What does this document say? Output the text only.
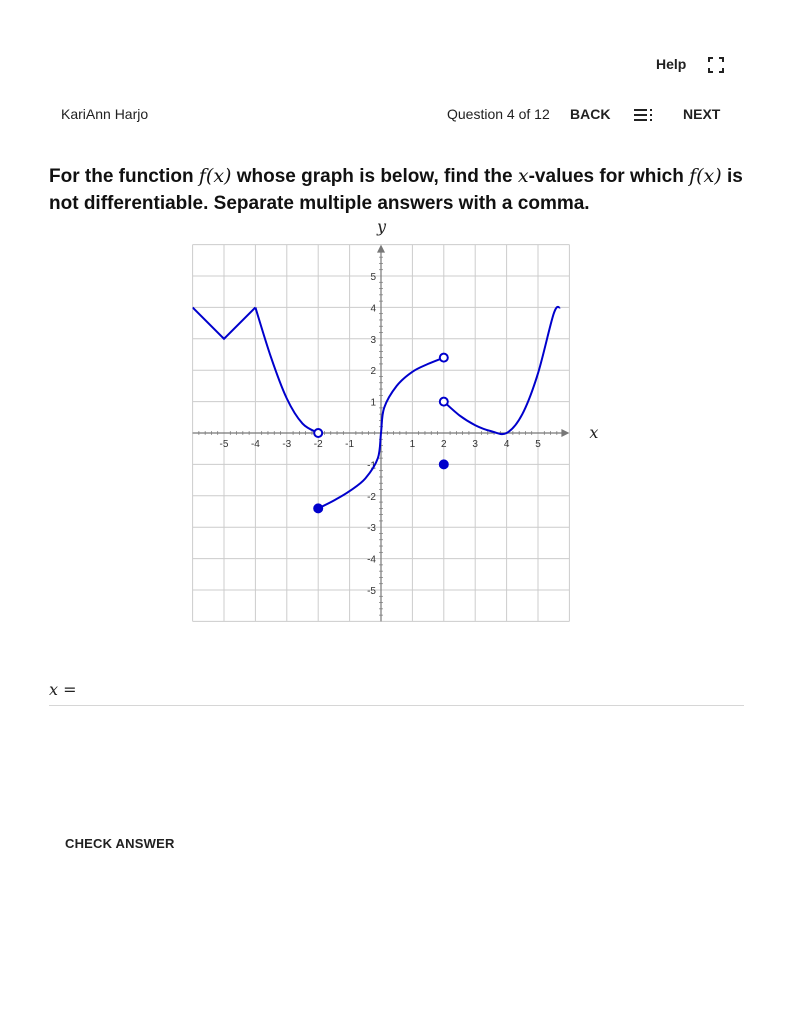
Help
KariAnn Harjo	Question 4 of 12 BACK	NEXT
For the function f(x) whose graph is below, find the x-values for which f(x) is not differentiable. Separate multiple answers with a comma.
x
y
-5 -4 -3 -2 -1	1	2	3	4	5
-5
-4
-3
-2
-1
1
2
3
4
5
x =
CHECK ANSWER
